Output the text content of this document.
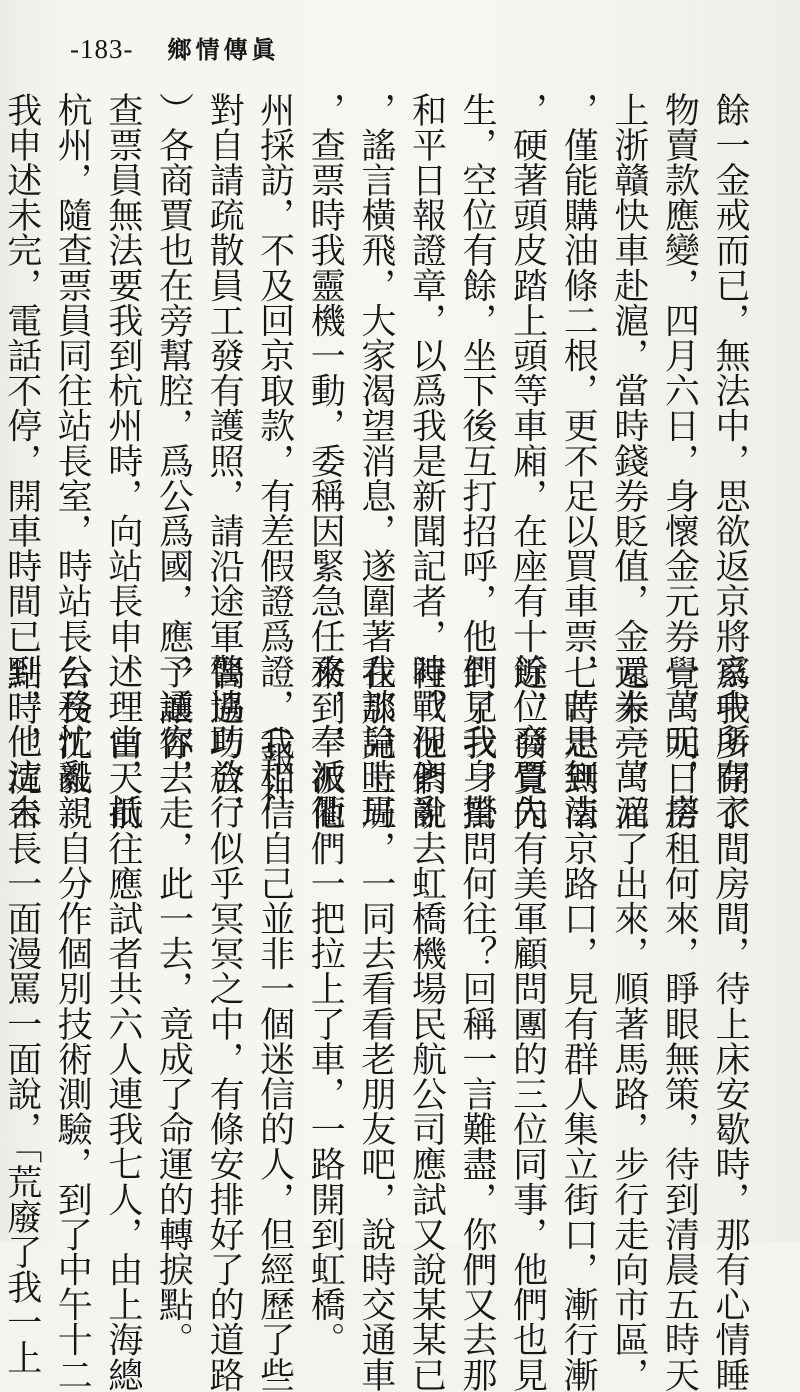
-183- 鄉情傳眞
餘一金戒而已，無法中，思欲返京將家中所存衣
物賣款應變，四月六日，身懷金元券一萬元，搭
上浙贛快車赴滬，當時錢券貶值，金元券一萬元
，僅能購油條二根，更不足以買車票，苦思無法
，硬著頭皮踏上頭等車廂，在座有十餘位商賈先
生，空位有餘，坐下後互打招呼，他們見我身掛
和平日報證章，以爲我是新聞記者，時戰況紊亂
，謠言橫飛，大家渴望消息，遂圍著我談論時局
，查票時我靈機一動，委稱因緊急任務，奉派衢
州採訪，不及回京取款，有差假證爲證，（報社
對自請疏散員工發有護照，請沿途軍警協助放行
）各商賈也在旁幫腔，爲公爲國，應予通容，
查票員無法要我到杭州時，向站長申述理由，抵
杭州，隨查票員同往站長室，時站長公務忙亂，
我申述未完，電話不停，開車時間已到，他這未
爲我多開了間房間，待上床安歇時，那有心情睡
覺，明日房租何來，睜眼無策，待到清晨五時天
還未亮，溜了出來，順著馬路，步行走向市區，
七時走到南京路口，見有群人集立街口，漸行漸
近，發覺內有美軍顧問團的三位同事，他們也見
到了我，驚問何往？回稱一言難盡，你們又去那
裡？他們說去虹橋機場民航公司應試又說某某已
在那兒上班，一同去看看老朋友吧，說時交通車
來到，被他們一把拉上了車，一路開到虹橋。
　　我相信自己並非一個迷信的人，但經歷了些
偶遇巧合，似乎冥冥之中，有條安排好了的道路
，讓你去走，此一去，竟成了命運的轉捩點。
　　當天前往應試者共六人連我七人，由上海總
台長沈毅親自分作個別技術測驗，到了中午十二
點時，沈台長一面漫罵一面說，「荒廢了我一上
